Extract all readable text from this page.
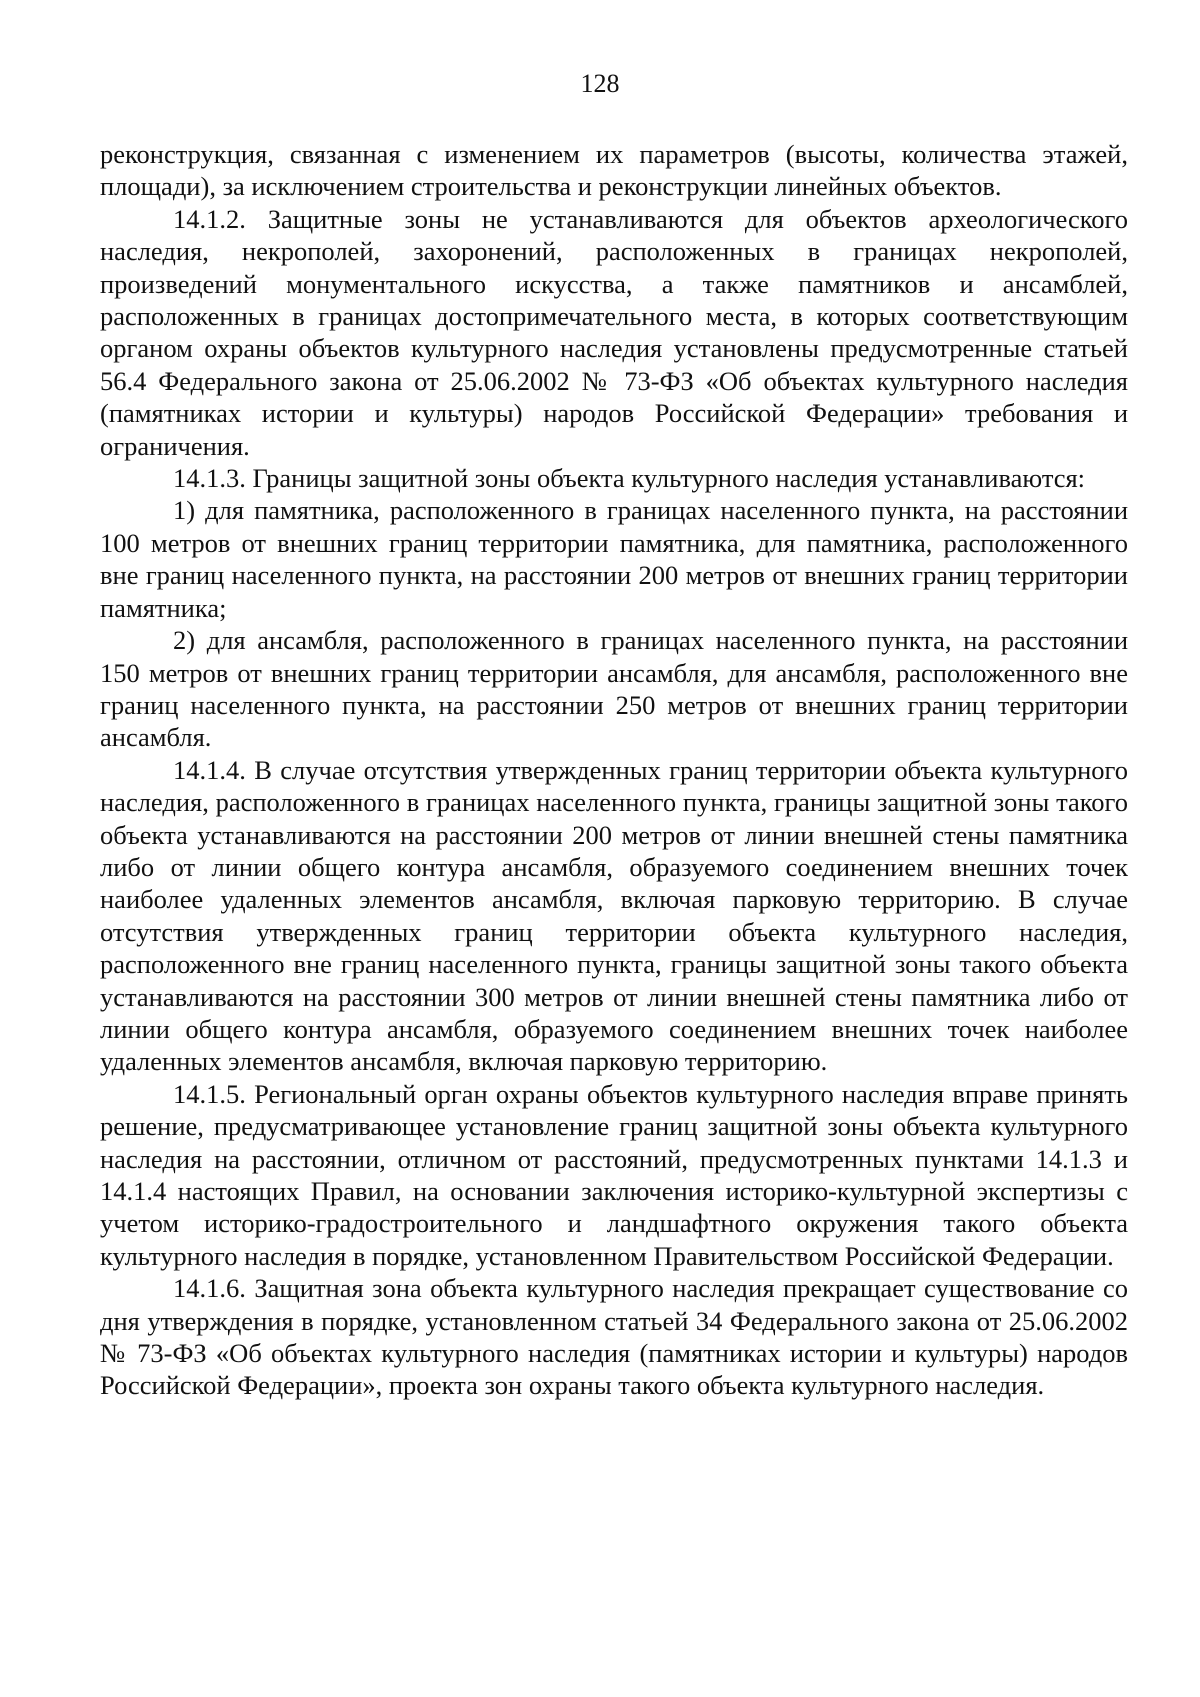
128

реконструкция, связанная с изменением их параметров (высоты, количества этажей, площади), за исключением строительства и реконструкции линейных объектов.

14.1.2. Защитные зоны не устанавливаются для объектов археологического наследия, некрополей, захоронений, расположенных в границах некрополей, произведений монументального искусства, а также памятников и ансамблей, расположенных в границах достопримечательного места, в которых соответствующим органом охраны объектов культурного наследия установлены предусмотренные статьей 56.4 Федерального закона от 25.06.2002 № 73-ФЗ «Об объектах культурного наследия (памятниках истории и культуры) народов Российской Федерации» требования и ограничения.

14.1.3. Границы защитной зоны объекта культурного наследия устанавливаются:

1) для памятника, расположенного в границах населенного пункта, на расстоянии 100 метров от внешних границ территории памятника, для памятника, расположенного вне границ населенного пункта, на расстоянии 200 метров от внешних границ территории памятника;

2) для ансамбля, расположенного в границах населенного пункта, на расстоянии 150 метров от внешних границ территории ансамбля, для ансамбля, расположенного вне границ населенного пункта, на расстоянии 250 метров от внешних границ территории ансамбля.

14.1.4. В случае отсутствия утвержденных границ территории объекта культурного наследия, расположенного в границах населенного пункта, границы защитной зоны такого объекта устанавливаются на расстоянии 200 метров от линии внешней стены памятника либо от линии общего контура ансамбля, образуемого соединением внешних точек наиболее удаленных элементов ансамбля, включая парковую территорию. В случае отсутствия утвержденных границ территории объекта культурного наследия, расположенного вне границ населенного пункта, границы защитной зоны такого объекта устанавливаются на расстоянии 300 метров от линии внешней стены памятника либо от линии общего контура ансамбля, образуемого соединением внешних точек наиболее удаленных элементов ансамбля, включая парковую территорию.

14.1.5. Региональный орган охраны объектов культурного наследия вправе принять решение, предусматривающее установление границ защитной зоны объекта культурного наследия на расстоянии, отличном от расстояний, предусмотренных пунктами 14.1.3 и 14.1.4 настоящих Правил, на основании заключения историко-культурной экспертизы с учетом историко-градостроительного и ландшафтного окружения такого объекта культурного наследия в порядке, установленном Правительством Российской Федерации.

14.1.6. Защитная зона объекта культурного наследия прекращает существование со дня утверждения в порядке, установленном статьей 34 Федерального закона от 25.06.2002 № 73-ФЗ «Об объектах культурного наследия (памятниках истории и культуры) народов Российской Федерации», проекта зон охраны такого объекта культурного наследия.
